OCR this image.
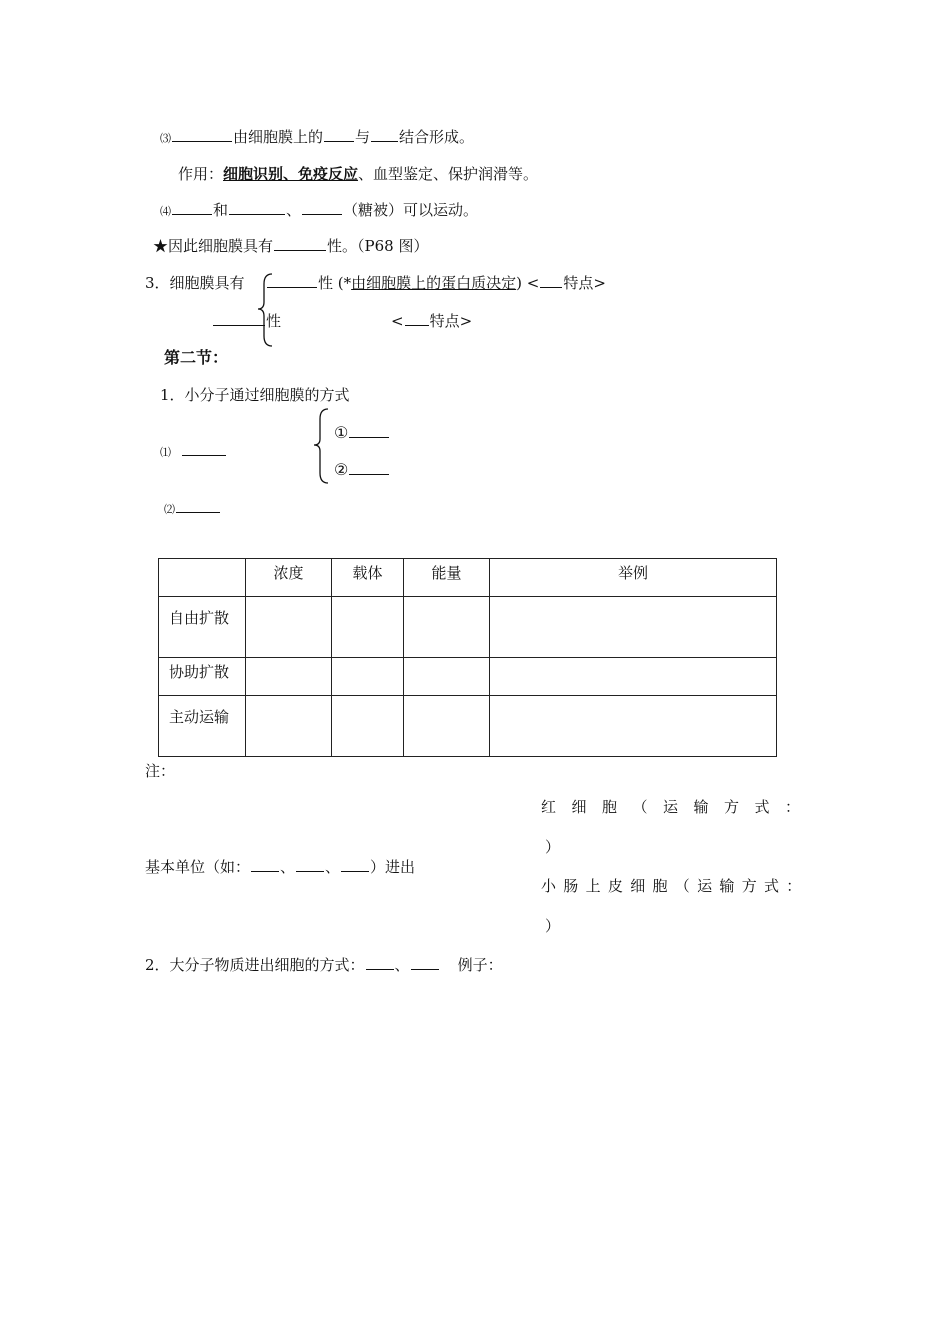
⑶	由细胞膜上的 与 结合形成。
作用：细胞识别、免疫反应、血型鉴定、保护润滑等。
⑷	和	、	（糖被）可以运动。
★因此细胞膜具有	性。（P68 图）
3．细胞膜具有	性 (*由细胞膜上的蛋白质决定) < 特点>
性	< 特点>
第二节：
1．小分子通过细胞膜的方式
⑴
①
②
⑵

	浓度	载体	能量	举例

自由扩散				

协助扩散				

主动运输				

注：
红细胞（运输方式：
）
基本单位（如： 、 、 ）进出
小肠上皮细胞（运输方式：
）
2．大分子物质进出细胞的方式： 、	例子：
